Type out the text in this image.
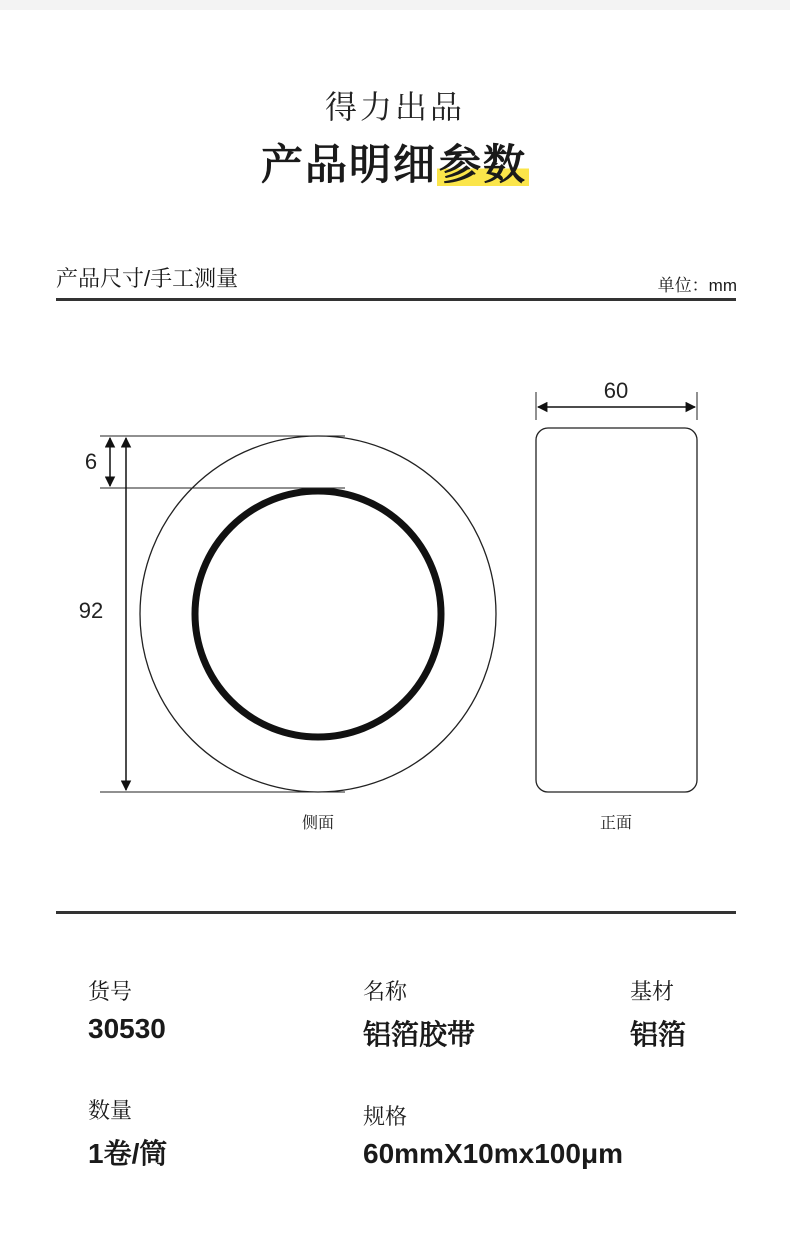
得力出品
产品明细参数
产品尺寸/手工测量	单位：mm
6
92
侧面
60
正面
货号
30530
名称
铝箔胶带
基材
铝箔
数量
1卷/筒
规格
60mmX10mx100μm
